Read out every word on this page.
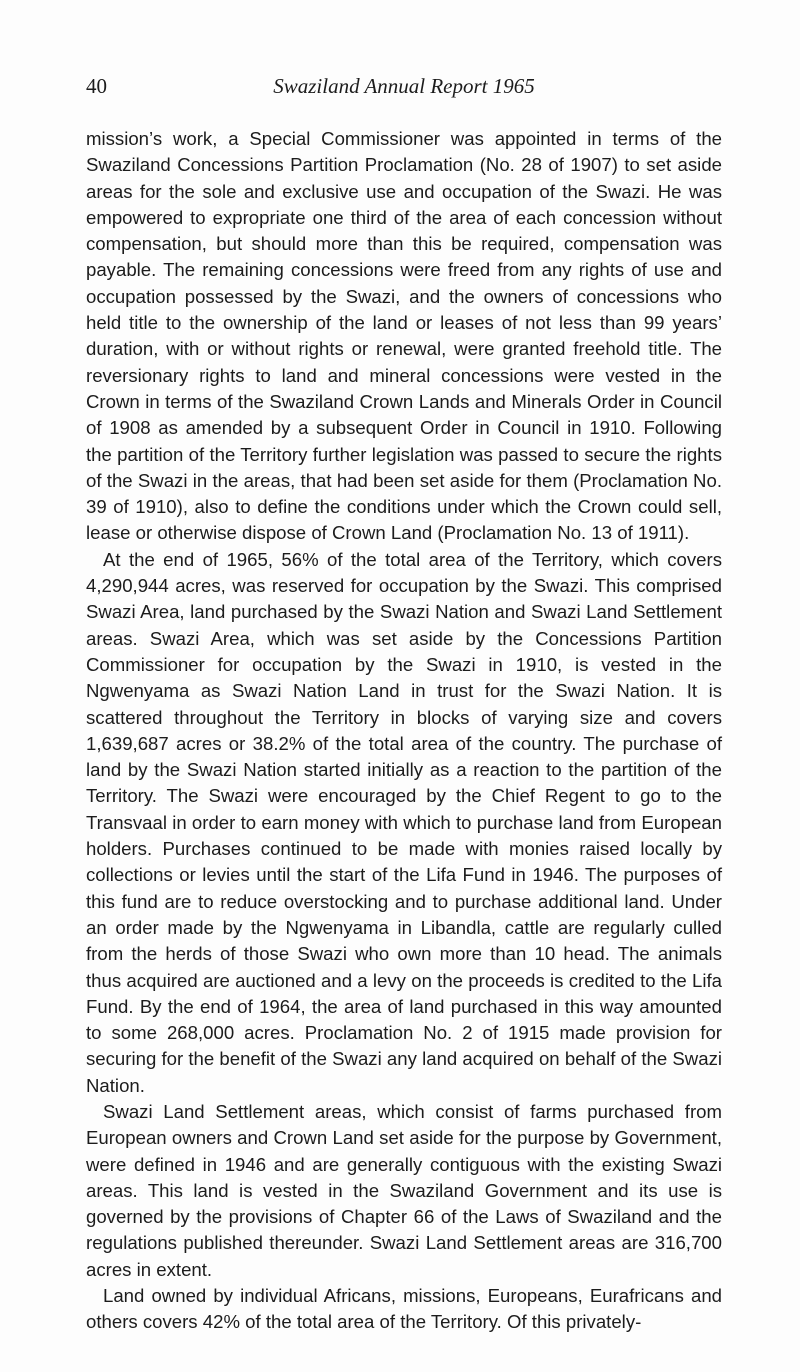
40	Swaziland Annual Report 1965

mission’s work, a Special Commissioner was appointed in terms of the Swaziland Concessions Partition Proclamation (No. 28 of 1907) to set aside areas for the sole and exclusive use and occupation of the Swazi. He was empowered to expropriate one third of the area of each concession without compensation, but should more than this be required, compensation was payable. The remaining concessions were freed from any rights of use and occupation possessed by the Swazi, and the owners of concessions who held title to the ownership of the land or leases of not less than 99 years’ duration, with or without rights or renewal, were granted freehold title. The reversionary rights to land and mineral concessions were vested in the Crown in terms of the Swaziland Crown Lands and Minerals Order in Council of 1908 as amended by a subsequent Order in Council in 1910. Following the partition of the Territory further legislation was passed to secure the rights of the Swazi in the areas, that had been set aside for them (Proclamation No. 39 of 1910), also to define the conditions under which the Crown could sell, lease or otherwise dispose of Crown Land (Proclamation No. 13 of 1911).

At the end of 1965, 56% of the total area of the Territory, which covers 4,290,944 acres, was reserved for occupation by the Swazi. This comprised Swazi Area, land purchased by the Swazi Nation and Swazi Land Settlement areas. Swazi Area, which was set aside by the Concessions Partition Commissioner for occupation by the Swazi in 1910, is vested in the Ngwenyama as Swazi Nation Land in trust for the Swazi Nation. It is scattered throughout the Territory in blocks of varying size and covers 1,639,687 acres or 38.2% of the total area of the country. The purchase of land by the Swazi Nation started initially as a reaction to the partition of the Territory. The Swazi were encouraged by the Chief Regent to go to the Transvaal in order to earn money with which to purchase land from European holders. Purchases continued to be made with monies raised locally by collections or levies until the start of the Lifa Fund in 1946. The purposes of this fund are to reduce overstocking and to purchase additional land. Under an order made by the Ngwenyama in Libandla, cattle are regularly culled from the herds of those Swazi who own more than 10 head. The animals thus acquired are auctioned and a levy on the proceeds is credited to the Lifa Fund. By the end of 1964, the area of land purchased in this way amounted to some 268,000 acres. Proclamation No. 2 of 1915 made provision for securing for the benefit of the Swazi any land acquired on behalf of the Swazi Nation.

Swazi Land Settlement areas, which consist of farms purchased from European owners and Crown Land set aside for the purpose by Government, were defined in 1946 and are generally contiguous with the existing Swazi areas. This land is vested in the Swaziland Government and its use is governed by the provisions of Chapter 66 of the Laws of Swaziland and the regulations published thereunder. Swazi Land Settlement areas are 316,700 acres in extent.

Land owned by individual Africans, missions, Europeans, Eurafricans and others covers 42% of the total area of the Territory. Of this privately-
